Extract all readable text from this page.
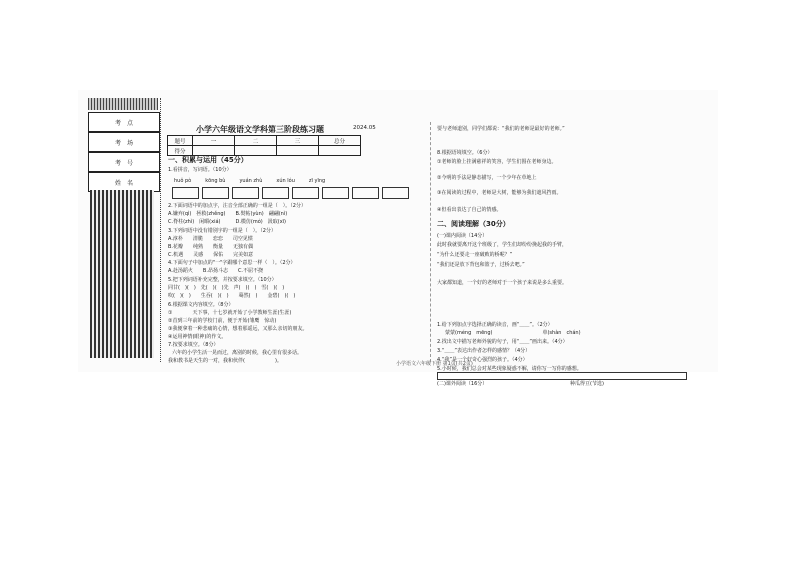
考　点
考　场
考　号
姓　名
小学六年级语文学科第三阶段练习题	2024.05
题号	一	二	三	总分
得分				
一、积累与运用（45分）
1.看拼音，写词语。（10分）
huǒ pò	kōng bù	yuán zhù	xún lóu	zī yīng
2.下面词语中的加点字，注音全部正确的一组是（　）。（2分）
A.嫌弃(qì)　拯救(zhěng)　　B.熨帖(yùn)　翩翩(nì)
C.脊柱(zhì)　闲暇(xiá)　　　D.模仿(mó)　汲取(xī)
3.下列词语中没有错别字的一组是（　）。（2分）
A.淳朴　　清脆　　恋恋　　司空见惯
B.花瓣　　纯熟　　衡量　　无独有偶
C.机遇　　灵感　　保佑　　完美如意
4.下面句子中加点的"一"字跟哪个意思一样（　）。（2分）
A.赴汤蹈火　　B.昂扬斗志　　C.不屈不挠
5.把下列词语补充完整，并按要求填空。（10分）
同甘(　)(　)　先(　)(　)先　声(　)(　)　雪(　)(　)
吹(　)(　)　　生吞(　)(　)　　蓦然(　)　　金碧(　)(　)
6.根据课文内容填空。（8分）
①　　　　天下事，十七岁就开始了小学教师生涯(生涯)
②首到三年前的学校门前，便于开始(雏鹰　惊动)
③我便拿着一种悲痛的心情，想着那遥远，又那么亲切的朋友。
④运用神情(眼神)的作文。
7.按要求填空。（8分）
六年的小学生活一晃而过，离别的时候，我心里有很多话。
我和教书是天生的一对，我和伙伴(　　　　　　)。
要与老师道别，同学们都说：“我们的老师是最好的老师。”
8.根据语境填空。（6分）
①老师的脸上挂满慈祥的笑容，学生们围在老师身边。
②今明的手法是静态描写，一个少年在草地上
③在阅读的过程中，老师是大树，能够为我们遮风挡雨。
④但看出表达了自己的情感。
二、阅读理解（30分）
(一)课内阅读（14分）
此时我就要离开这个班级了，学生们却纷纷挽起我的手臂，
“为什么还要走一座破败的桥呢？”
“我们还是放下背包和篮子，过桥去吧。”
大家都知道，一个好的老师对于一个孩子来说是多么重要。
1.给下列加点字选择正确的读音，画“＿＿”。（2分）
蒙蒙(méng　mēng)　　　　　　　　　　单(shàn　chán)
2.找出文中描写老师外貌的句子，用“＿＿”画出来。（4分）
3.“＿＿”表达出作者怎样的感情？（4分）
4.“我”是一个好奇心强烈的孩子。（4分）
5.小时候，我们总会对某些现象疑惑不解，请你写一写你的感想。
(二)课外阅读（16分）	种瓜得豆(节选)
小学语文六年级下册 第1页(共2页)
